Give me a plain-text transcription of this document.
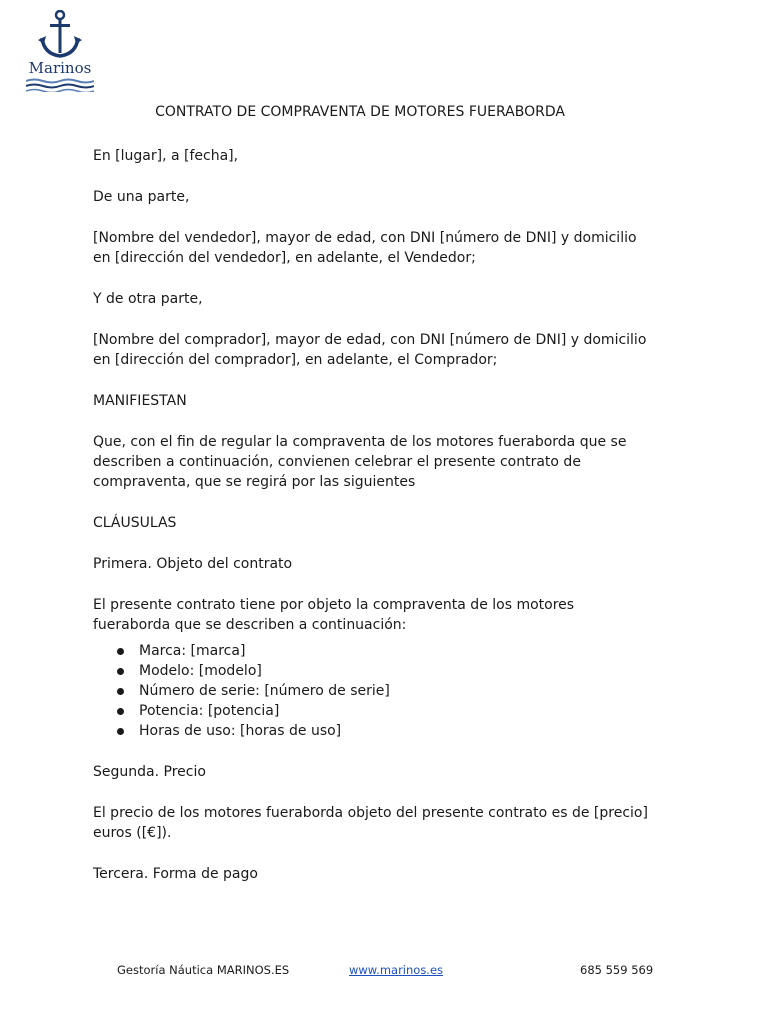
Marinos
CONTRATO DE COMPRAVENTA DE MOTORES FUERABORDA

En [lugar], a [fecha],

De una parte,

[Nombre del vendedor], mayor de edad, con DNI [número de DNI] y domicilio en [dirección del vendedor], en adelante, el Vendedor;

Y de otra parte,

[Nombre del comprador], mayor de edad, con DNI [número de DNI] y domicilio en [dirección del comprador], en adelante, el Comprador;

MANIFIESTAN

Que, con el fin de regular la compraventa de los motores fueraborda que se describen a continuación, convienen celebrar el presente contrato de compraventa, que se regirá por las siguientes

CLÁUSULAS

Primera. Objeto del contrato

El presente contrato tiene por objeto la compraventa de los motores fueraborda que se describen a continuación:

Marca: [marca]
Modelo: [modelo]
Número de serie: [número de serie]
Potencia: [potencia]
Horas de uso: [horas de uso]

Segunda. Precio

El precio de los motores fueraborda objeto del presente contrato es de [precio] euros ([€]).

Tercera. Forma de pago

Gestoría Náutica MARINOS.ES	www.marinos.es	685 559 569
